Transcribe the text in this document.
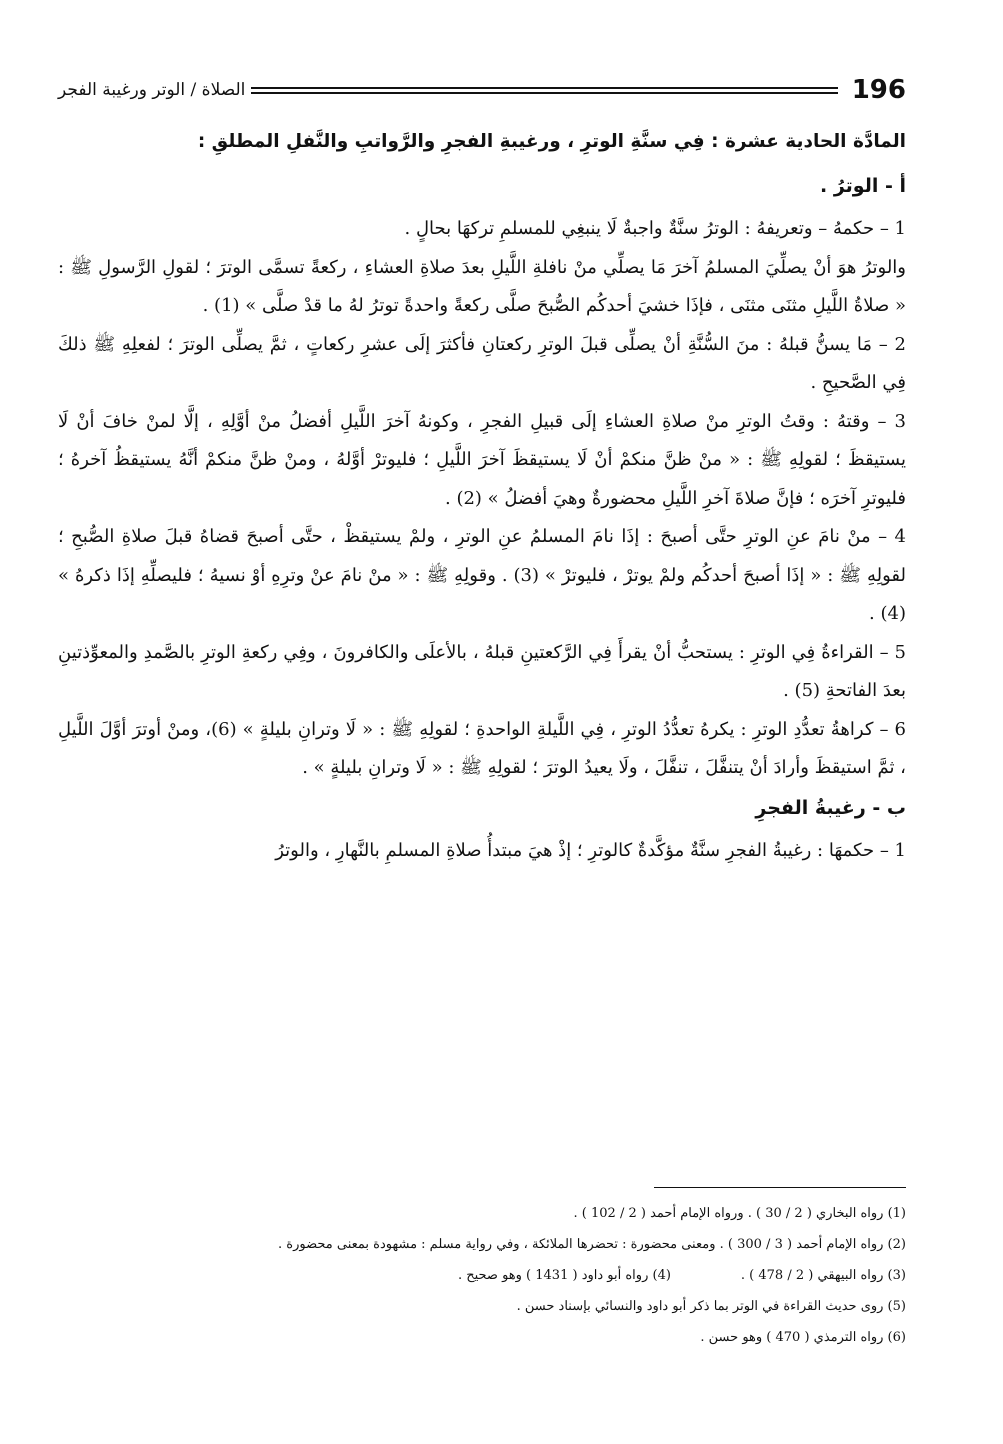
196
الصلاة / الوتر ورغيبة الفجر
المادَّة الحادية عشرة : فِي سنَّةِ الوترِ ، ورغيبةِ الفجرِ والرَّواتبِ والنَّفلِ المطلقِ :
أ - الوترُ .

1 – حكمهُ – وتعريفهُ : الوترُ سنَّةٌ واجبةٌ لَا ينبغِي للمسلمِ تركهَا بحالٍ .

والوترُ هوَ أنْ يصلِّيَ المسلمُ آخرَ مَا يصلِّي منْ نافلةِ اللَّيلِ بعدَ صلاةِ العشاءِ ، ركعةً تسمَّى الوترَ ؛ لقولِ الرَّسولِ ﷺ : « صلاةُ اللَّيلِ مثنَى مثنَى ، فإذَا خشيَ أحدكُم الصُّبحَ صلَّى ركعةً واحدةً توترُ لهُ ما قدْ صلَّى » (1) .

2 – مَا يسنُّ قبلهُ : منَ السُّنَّةِ أنْ يصلِّى قبلَ الوترِ ركعتانِ فأكثرَ إلَى عشرِ ركعاتٍ ، ثمَّ يصلِّى الوترَ ؛ لفعلِهِ ﷺ ذلكَ فِي الصَّحيحِ .

3 – وقتهُ : وقتُ الوترِ منْ صلاةِ العشاءِ إلَى قبيلِ الفجرِ ، وكونهُ آخرَ اللَّيلِ أفضلُ منْ أوَّلِهِ ، إلَّا لمنْ خافَ أنْ لَا يستيقظَ ؛ لقولِهِ ﷺ : « منْ ظنَّ منكمْ أنْ لَا يستيقظَ آخرَ اللَّيلِ ؛ فليوترْ أوَّلهُ ، ومنْ ظنَّ منكمْ أنَّهُ يستيقظُ آخرهُ ؛ فليوترِ آخرَه ؛ فإنَّ صلاةَ آخرِ اللَّيلِ محضورةٌ وهيَ أفضلُ » (2) .

4 – منْ نامَ عنِ الوترِ حتَّى أصبحَ : إذَا نامَ المسلمُ عنِ الوترِ ، ولمْ يستيقظْ ، حتَّى أصبحَ قضاهُ قبلَ صلاةِ الصُّبحِ ؛ لقولِهِ ﷺ : « إذَا أصبحَ أحدكُم ولمْ يوترْ ، فليوترْ » (3) . وقولِهِ ﷺ : « منْ نامَ عنْ وترِهِ أوْ نسيهُ ؛ فليصلِّهِ إذَا ذكرهُ » (4) .

5 – القراءةُ فِي الوترِ : يستحبُّ أنْ يقرأَ فِي الرَّكعتينِ قبلهُ ، بالأعلَى والكافرونَ ، وفِي ركعةِ الوترِ بالصَّمدِ والمعوِّذتينِ بعدَ الفاتحةِ (5) .

6 – كراهةُ تعدُّدِ الوترِ : يكرهُ تعدُّدُ الوترِ ، فِي اللَّيلةِ الواحدةِ ؛ لقولِهِ ﷺ : « لَا وترانِ بليلةٍ » (6)، ومنْ أوترَ أوَّلَ اللَّيلِ ، ثمَّ استيقظَ وأرادَ أنْ يتنفَّلَ ، تنفَّلَ ، ولَا يعيدُ الوترَ ؛ لقولِهِ ﷺ : « لَا وترانِ بليلةٍ » .

ب - رغيبةُ الفجرِ

1 – حكمهَا : رغيبةُ الفجرِ سنَّةٌ مؤكَّدةٌ كالوترِ ؛ إذْ هيَ مبتدأُ صلاةِ المسلمِ بالنَّهارِ ، والوترُ

(1) رواه البخاري ( 2 / 30 ) . ورواه الإمام أحمد ( 2 / 102 ) .
(2) رواه الإمام أحمد ( 3 / 300 ) . ومعنى محضورة : تحضرها الملائكة ، وفي رواية مسلم : مشهودة بمعنى محضورة .
(3) رواه البيهقي ( 2 / 478 ) .
(4) رواه أبو داود ( 1431 ) وهو صحيح .
(5) روى حديث القراءة في الوتر بما ذكر أبو داود والنسائي بإسناد حسن .
(6) رواه الترمذي ( 470 ) وهو حسن .
